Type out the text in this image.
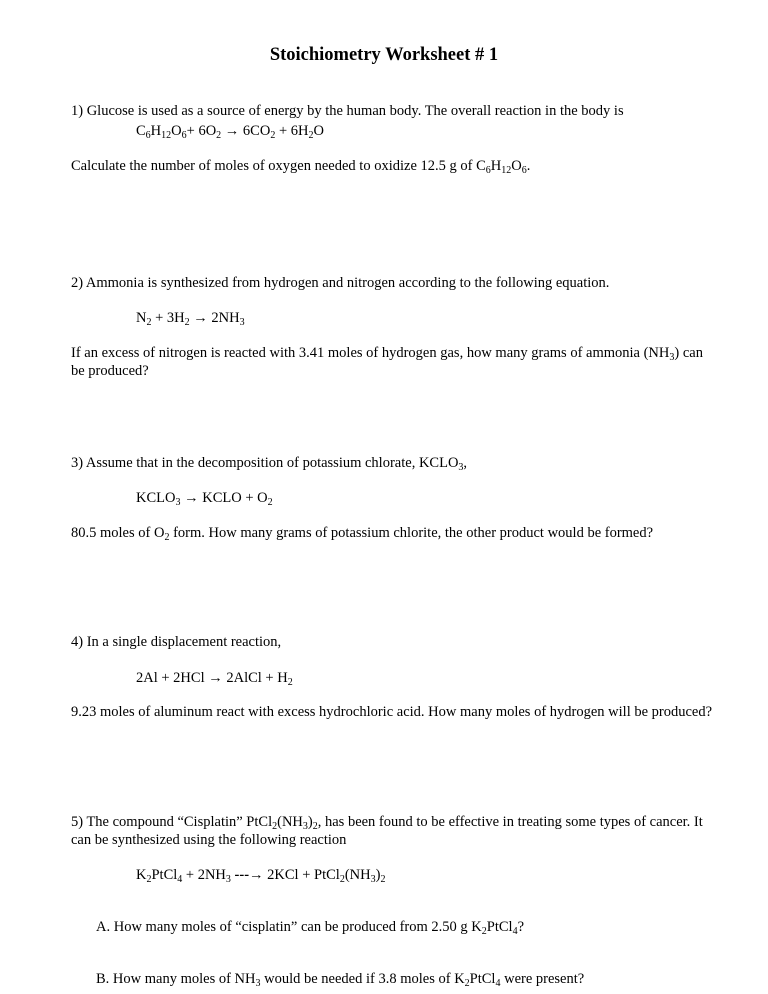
Stoichiometry Worksheet # 1
1) Glucose is used as a source of energy by the human body. The overall reaction in the body is
$C_6H_{12}O_6+ 6O_2 \to 6CO_2 + 6H_2O$
Calculate the number of moles of oxygen needed to oxidize 12.5 g of $C_6H_{12}O_6$.
2) Ammonia is synthesized from hydrogen and nitrogen according to the following equation.
$N_2 + 3H_2 \to 2NH_3$
If an excess of nitrogen is reacted with 3.41 moles of hydrogen gas, how many grams of ammonia $(NH_3)$ can
be produced?
3) Assume that in the decomposition of potassium chlorate, $KCLO_3$,
$KCLO_3$ → KCLO + $O_2$
80.5 moles of $O_2$ form. How many grams of potassium chlorite, the other product would be formed?
4) In a single displacement reaction,
2Al + 2HCl → 2AlCl + $H_2$
9.23 moles of aluminum react with excess hydrochloric acid. How many moles of hydrogen will be produced?
5) The compound “Cisplatin” $PtCl_2(NH_3)_2$, has been found to be effective in treating some types of cancer. It
can be synthesized using the following reaction
$K_2PtCl_4 + 2NH_3$ ---→ $2KCl + PtCl_2(NH_3)_2$
A. How many moles of “cisplatin” can be produced from 2.50 g $K_2PtCl_4$?
B. How many moles of $NH_3$ would be needed if 3.8 moles of $K_2PtCl_4$ were present?
